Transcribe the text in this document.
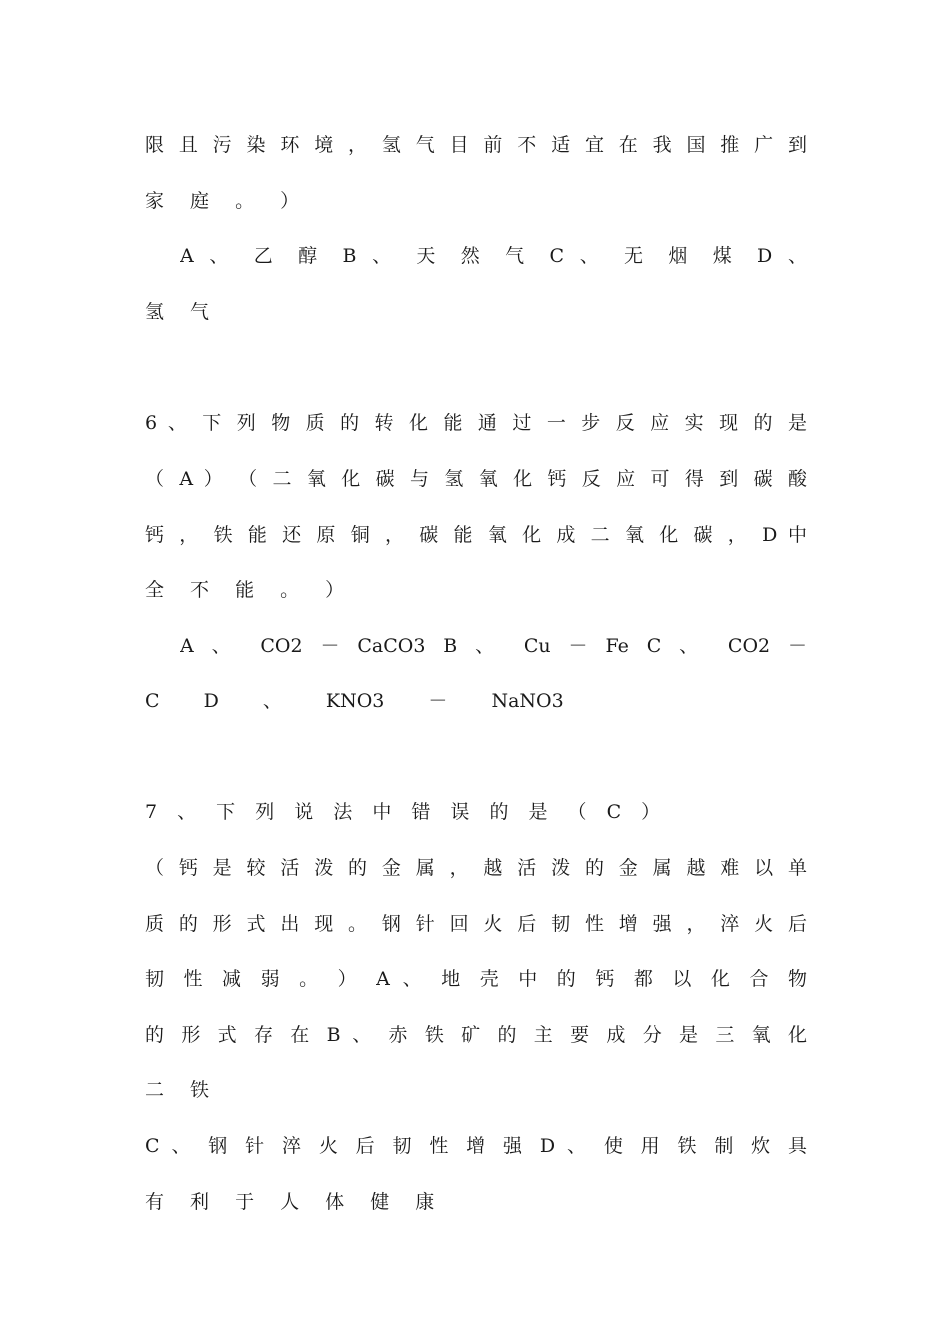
限 且 污 染 环 境 ， 氢 气 目 前 不 适 宜 在 我 国 推 广 到
家 庭 。 ）
A 、 乙 醇 B 、 天 然 气 C 、 无 烟 煤 D 、
氢 气
6 、 下 列 物 质 的 转 化 能 通 过 一 步 反 应 实 现 的 是
（ A ） （ 二 氧 化 碳 与 氢 氧 化 钙 反 应 可 得 到 碳 酸
钙 ， 铁 能 还 原 铜 ， 碳 能 氧 化 成 二 氧 化 碳 ， D 中
全 不 能 。 ）
A 、 CO2 － CaCO3 B 、 Cu － Fe C 、 CO2 －
C D 、 KNO3 － NaNO3
7 、 下 列 说 法 中 错 误 的 是 （ C ）
（ 钙 是 较 活 泼 的 金 属 ， 越 活 泼 的 金 属 越 难 以 单
质 的 形 式 出 现 。 钢 针 回 火 后 韧 性 增 强 ， 淬 火 后
韧 性 减 弱 。 ） A 、 地 壳 中 的 钙 都 以 化 合 物
的 形 式 存 在 B 、 赤 铁 矿 的 主 要 成 分 是 三 氧 化
二 铁
C 、 钢 针 淬 火 后 韧 性 增 强 D 、 使 用 铁 制 炊 具
有 利 于 人 体 健 康
